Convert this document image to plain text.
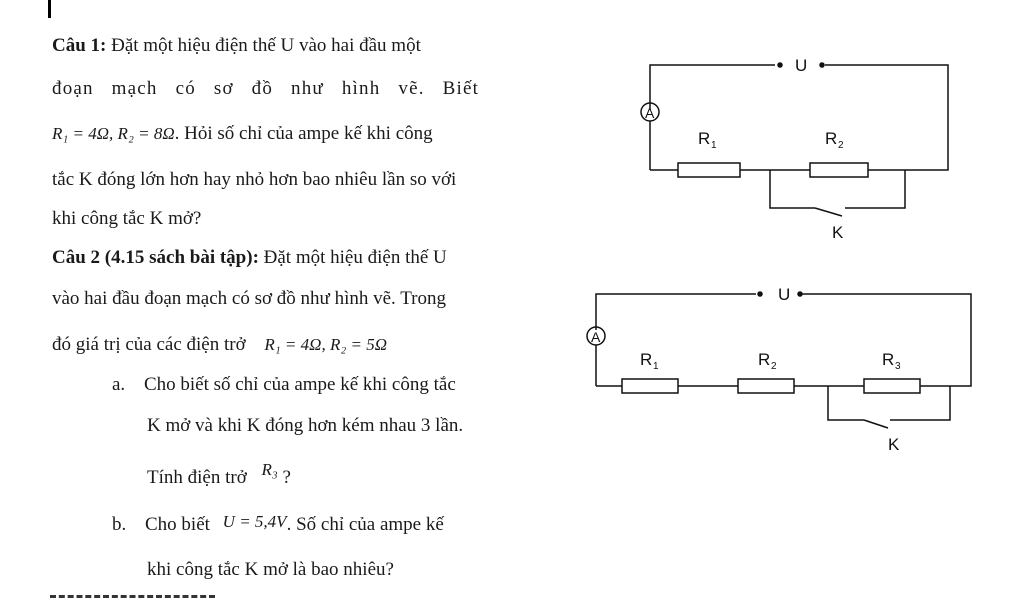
Câu 1: Đặt một hiệu điện thế U vào hai đầu một
đoạn mạch có sơ đồ như hình vẽ. Biết
R₁ = 4Ω, R₂ = 8Ω. Hỏi số chỉ của ampe kế khi công
tắc K đóng lớn hơn hay nhỏ hơn bao nhiêu lần so với
khi công tắc K mở?
Câu 2 (4.15 sách bài tập): Đặt một hiệu điện thế U
vào hai đầu đoạn mạch có sơ đồ như hình vẽ. Trong
đó giá trị của các điện trở R₁ = 4Ω, R₂ = 5Ω
a. Cho biết số chỉ của ampe kế khi công tắc
K mở và khi K đóng hơn kém nhau 3 lần.
Tính điện trở R₃ ?
b. Cho biết U = 5,4V. Số chỉ của ampe kế
khi công tắc K mở là bao nhiêu?
U
A
R 1	R 2
K
U
A
R 1	R 2	R 3
K
